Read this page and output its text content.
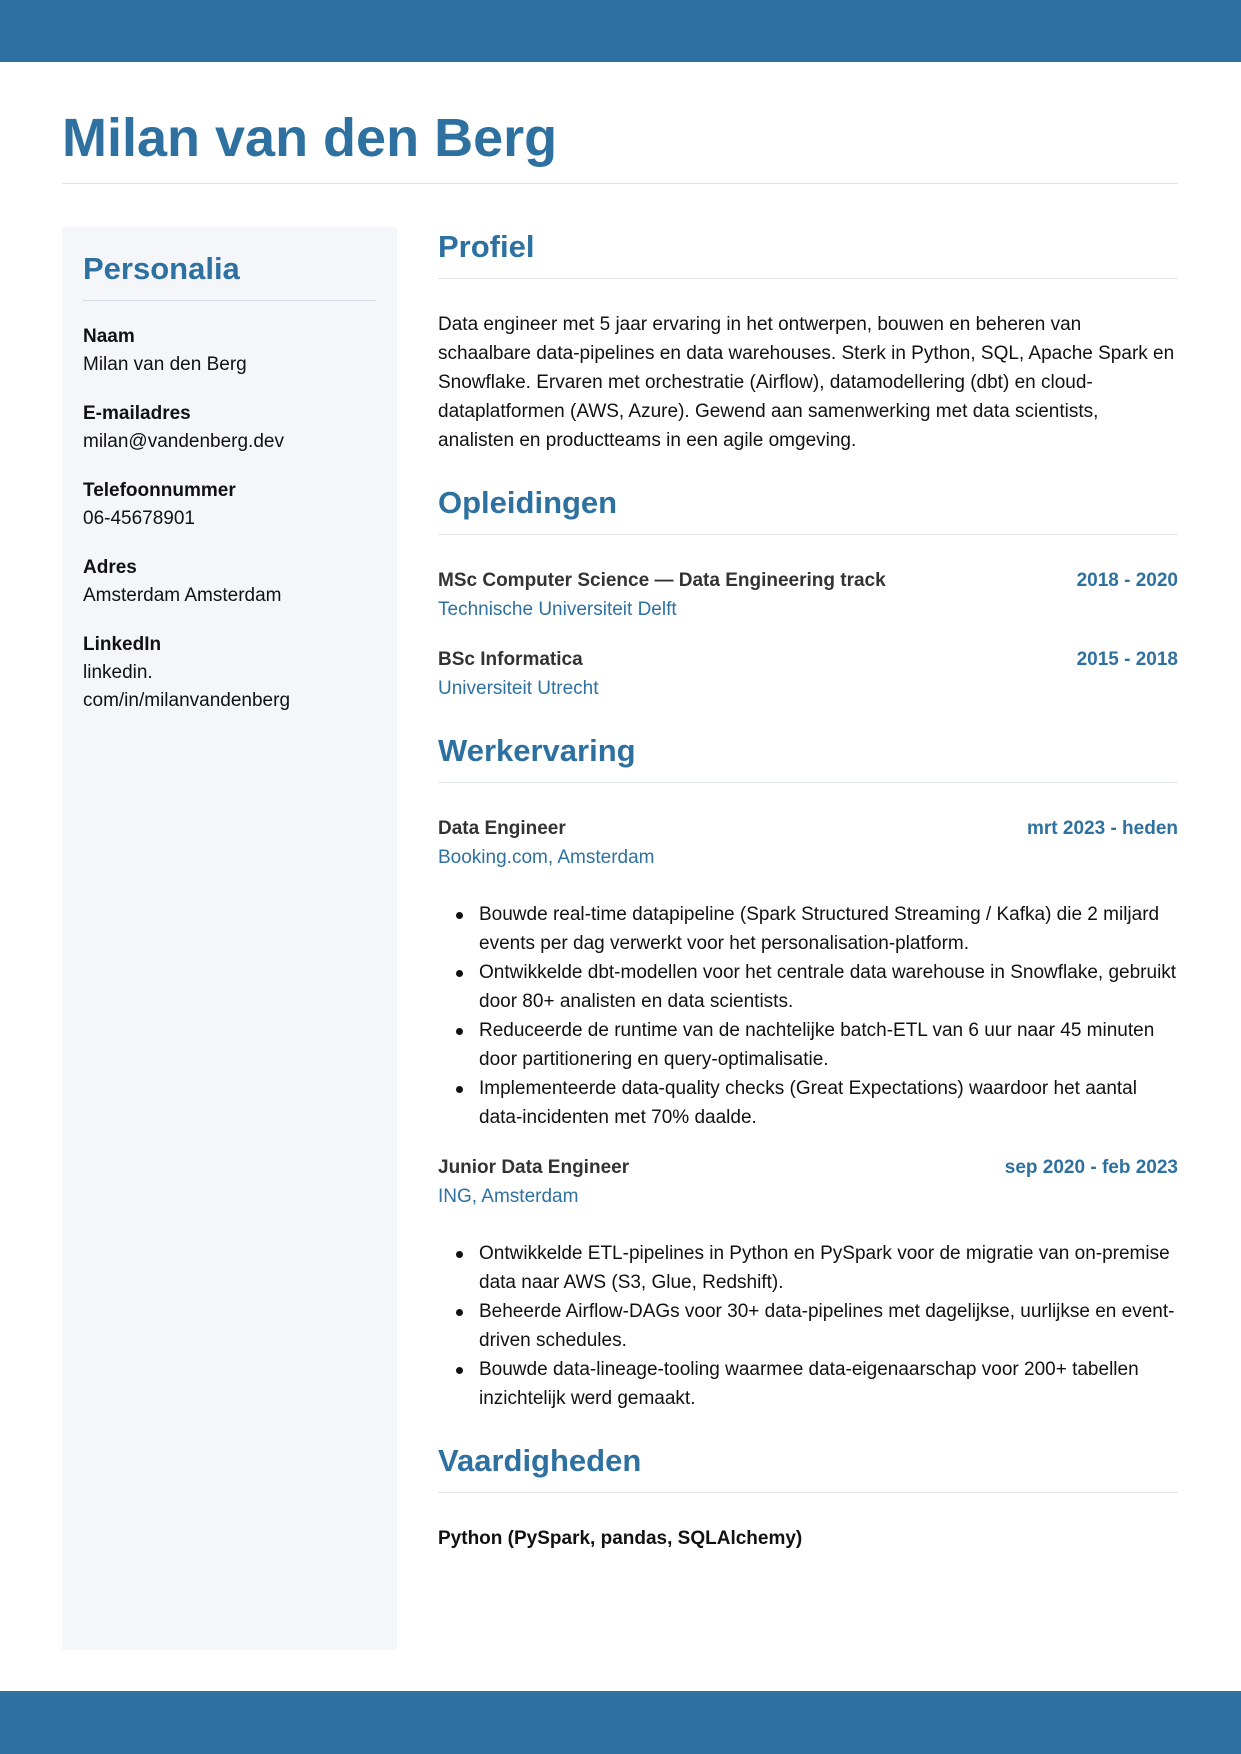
Milan van den Berg
Personalia
Naam
Milan van den Berg
E-mailadres
milan@vandenberg.dev
Telefoonnummer
06-45678901
Adres
Amsterdam Amsterdam
LinkedIn
linkedin.
com/in/milanvandenberg
Profiel

Data engineer met 5 jaar ervaring in het ontwerpen, bouwen en beheren van schaalbare data-pipelines en data warehouses. Sterk in Python, SQL, Apache Spark en Snowflake. Ervaren met orchestratie (Airflow), datamodellering (dbt) en cloud-dataplatformen (AWS, Azure). Gewend aan samenwerking met data scientists, analisten en productteams in een agile omgeving.

Opleidingen
MSc Computer Science — Data Engineering track	2018 - 2020
Technische Universiteit Delft
BSc Informatica	2015 - 2018
Universiteit Utrecht
Werkervaring
Data Engineer	mrt 2023 - heden
Booking.com, Amsterdam
Bouwde real-time datapipeline (Spark Structured Streaming / Kafka) die 2 miljard events per dag verwerkt voor het personalisation-platform.
Ontwikkelde dbt-modellen voor het centrale data warehouse in Snowflake, gebruikt door 80+ analisten en data scientists.
Reduceerde de runtime van de nachtelijke batch-ETL van 6 uur naar 45 minuten door partitionering en query-optimalisatie.
Implementeerde data-quality checks (Great Expectations) waardoor het aantal data-incidenten met 70% daalde.
Junior Data Engineer	sep 2020 - feb 2023
ING, Amsterdam
Ontwikkelde ETL-pipelines in Python en PySpark voor de migratie van on-premise data naar AWS (S3, Glue, Redshift).
Beheerde Airflow-DAGs voor 30+ data-pipelines met dagelijkse, uurlijkse en event-driven schedules.
Bouwde data-lineage-tooling waarmee data-eigenaarschap voor 200+ tabellen inzichtelijk werd gemaakt.
Vaardigheden
Python (PySpark, pandas, SQLAlchemy)
